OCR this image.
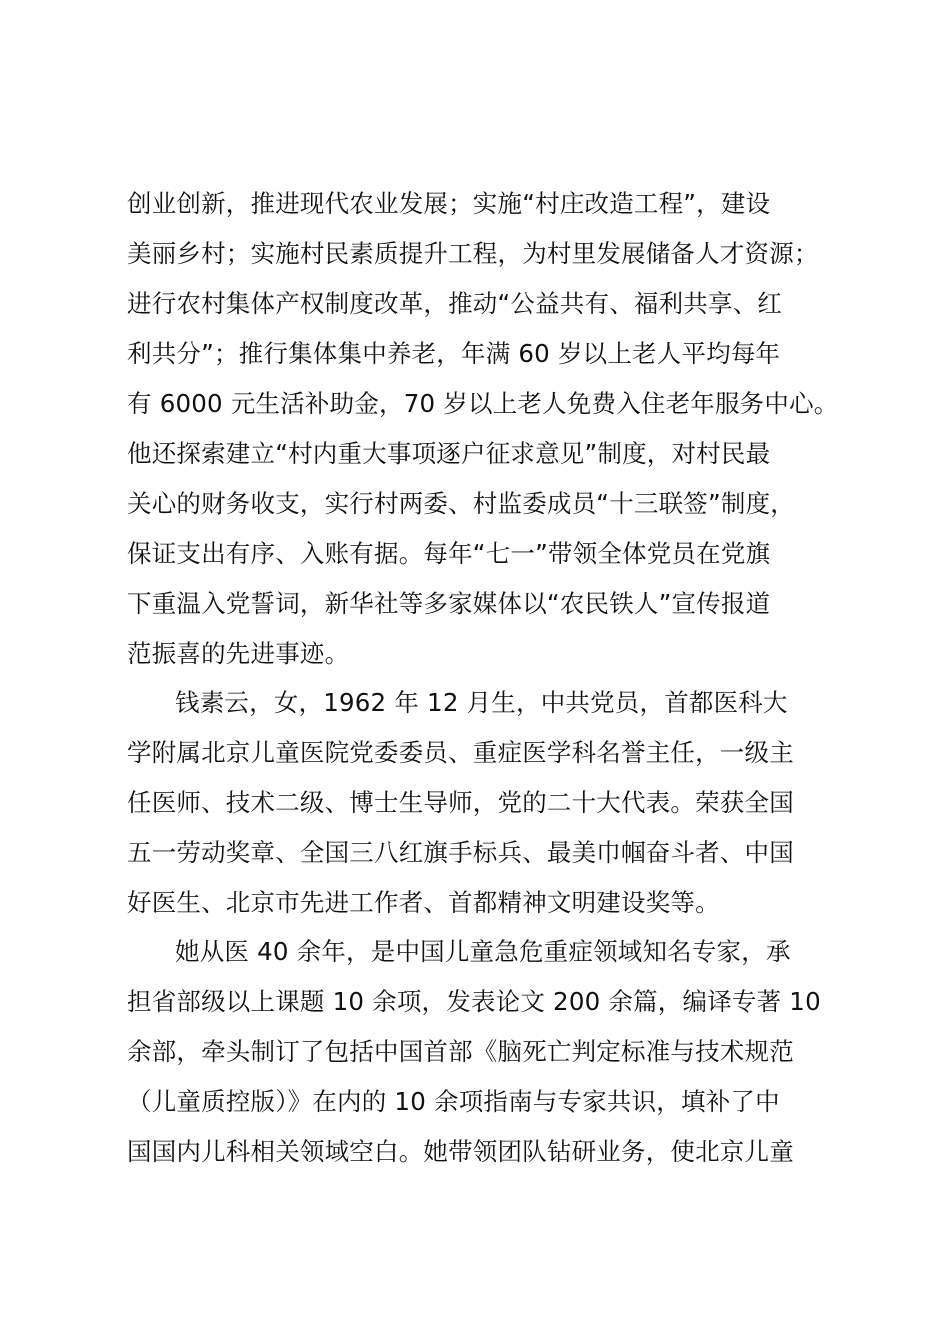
创业创新，推进现代农业发展；实施“村庄改造工程”，建设
美丽乡村；实施村民素质提升工程，为村里发展储备人才资源；
进行农村集体产权制度改革，推动“公益共有、福利共享、红
利共分”；推行集体集中养老，年满 60 岁以上老人平均每年
有 6000 元生活补助金，70 岁以上老人免费入住老年服务中心。
他还探索建立“村内重大事项逐户征求意见”制度，对村民最
关心的财务收支，实行村两委、村监委成员“十三联签”制度，
保证支出有序、入账有据。每年“七一”带领全体党员在党旗
下重温入党誓词，新华社等多家媒体以“农民铁人”宣传报道
范振喜的先进事迹。
钱素云，女，1962 年 12 月生，中共党员，首都医科大
学附属北京儿童医院党委委员、重症医学科名誉主任，一级主
任医师、技术二级、博士生导师，党的二十大代表。荣获全国
五一劳动奖章、全国三八红旗手标兵、最美巾帼奋斗者、中国
好医生、北京市先进工作者、首都精神文明建设奖等。
她从医 40 余年，是中国儿童急危重症领域知名专家，承
担省部级以上课题 10 余项，发表论文 200 余篇，编译专著 10
余部，牵头制订了包括中国首部《脑死亡判定标准与技术规范
（儿童质控版）》在内的 10 余项指南与专家共识，填补了中
国国内儿科相关领域空白。她带领团队钻研业务，使北京儿童
